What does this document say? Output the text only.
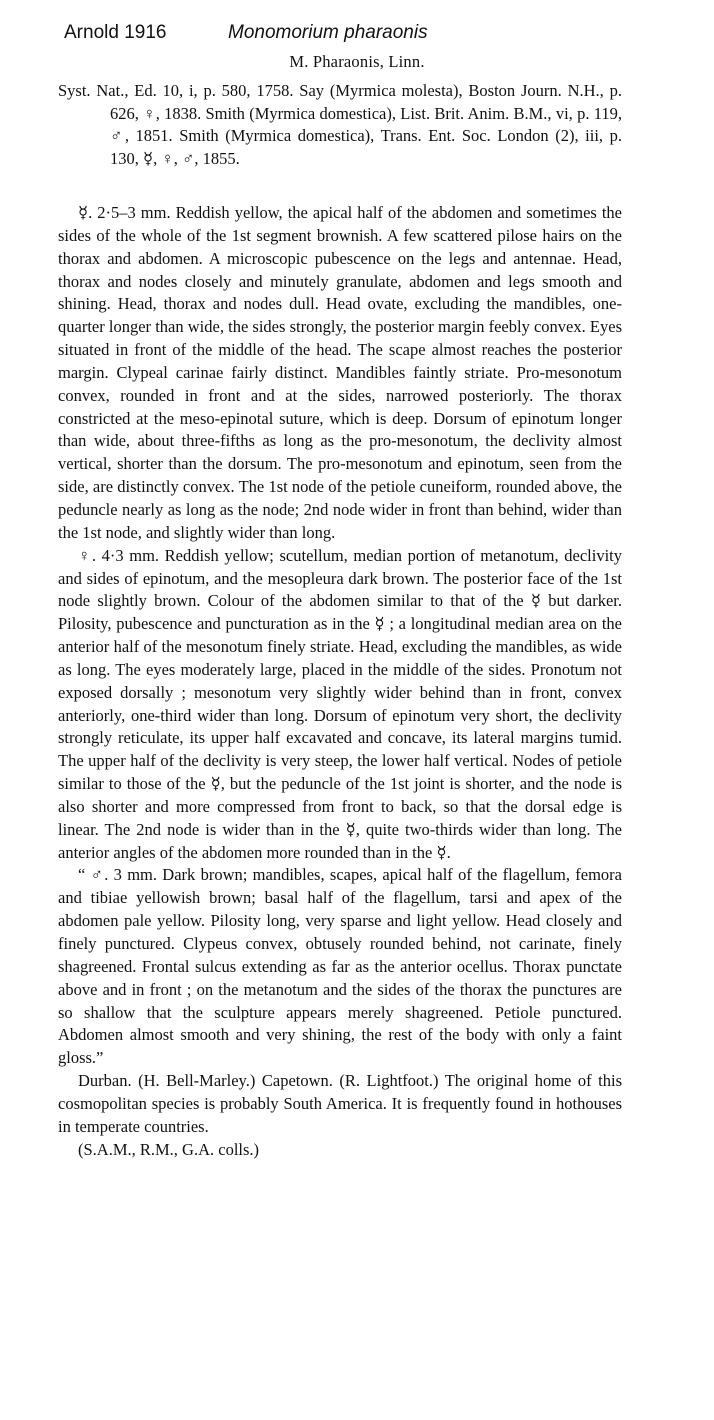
Arnold 1916	Monomorium pharaonis
M. Pharaonis, Linn.

Syst. Nat., Ed. 10, i, p. 580, 1758. Say (Myrmica molesta), Boston Journ. N.H., p. 626, ♀, 1838. Smith (Myrmica domestica), List. Brit. Anim. B.M., vi, p. 119, ♂, 1851. Smith (Myrmica domestica), Trans. Ent. Soc. London (2), iii, p. 130, ☿, ♀, ♂, 1855.

☿. 2·5–3 mm. Reddish yellow, the apical half of the abdomen and sometimes the sides of the whole of the 1st segment brownish. A few scattered pilose hairs on the thorax and abdomen. A microscopic pubescence on the legs and antennae. Head, thorax and nodes closely and minutely granulate, abdomen and legs smooth and shining. Head, thorax and nodes dull. Head ovate, excluding the mandibles, one-quarter longer than wide, the sides strongly, the posterior margin feebly convex. Eyes situated in front of the middle of the head. The scape almost reaches the posterior margin. Clypeal carinae fairly distinct. Mandibles faintly striate. Pro-mesonotum convex, rounded in front and at the sides, narrowed posteriorly. The thorax constricted at the meso-epinotal suture, which is deep. Dorsum of epinotum longer than wide, about three-fifths as long as the pro-mesonotum, the declivity almost vertical, shorter than the dorsum. The pro-mesonotum and epinotum, seen from the side, are distinctly convex. The 1st node of the petiole cuneiform, rounded above, the peduncle nearly as long as the node; 2nd node wider in front than behind, wider than the 1st node, and slightly wider than long.

♀. 4·3 mm. Reddish yellow; scutellum, median portion of metanotum, declivity and sides of epinotum, and the mesopleura dark brown. The posterior face of the 1st node slightly brown. Colour of the abdomen similar to that of the ☿ but darker. Pilosity, pubescence and puncturation as in the ☿ ; a longitudinal median area on the anterior half of the mesonotum finely striate. Head, excluding the mandibles, as wide as long. The eyes moderately large, placed in the middle of the sides. Pronotum not exposed dorsally ; mesonotum very slightly wider behind than in front, convex anteriorly, one-third wider than long. Dorsum of epinotum very short, the declivity strongly reticulate, its upper half excavated and concave, its lateral margins tumid. The upper half of the declivity is very steep, the lower half vertical. Nodes of petiole similar to those of the ☿, but the peduncle of the 1st joint is shorter, and the node is also shorter and more compressed from front to back, so that the dorsal edge is linear. The 2nd node is wider than in the ☿, quite two-thirds wider than long. The anterior angles of the abdomen more rounded than in the ☿.

“ ♂. 3 mm. Dark brown; mandibles, scapes, apical half of the flagellum, femora and tibiae yellowish brown; basal half of the flagellum, tarsi and apex of the abdomen pale yellow. Pilosity long, very sparse and light yellow. Head closely and finely punctured. Clypeus convex, obtusely rounded behind, not carinate, finely shagreened. Frontal sulcus extending as far as the anterior ocellus. Thorax punctate above and in front ; on the metanotum and the sides of the thorax the punctures are so shallow that the sculpture appears merely shagreened. Petiole punctured. Abdomen almost smooth and very shining, the rest of the body with only a faint gloss.”

Durban. (H. Bell-Marley.) Capetown. (R. Lightfoot.) The original home of this cosmopolitan species is probably South America. It is frequently found in hothouses in temperate countries.

(S.A.M., R.M., G.A. colls.)
